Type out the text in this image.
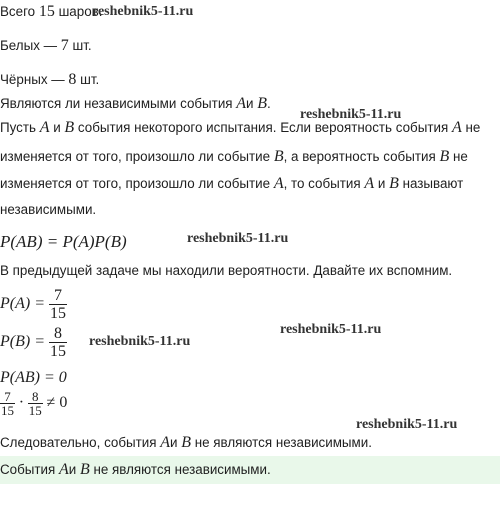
Всего 15 шаров.
Белых — 7 шт.
Чёрных — 8 шт.
Являются ли независимыми события Aи B.
Пусть A и B события некоторого испытания. Если вероятность события A не
изменяется от того, произошло ли событие B, а вероятность события B не
изменяется от того, произошло ли событие A, то события A и B называют
независимыми.
P(AB) = P(A)P(B)
В предыдущей задаче мы находили вероятности. Давайте их вспомним.
$P(A) = \frac{7}{15}$
$P(B) = \frac{8}{15}$
P(AB) = 0
$\frac{7}{15} \cdot \frac{8}{15} \ne 0$
Следовательно, события Aи B не являются независимыми.
События Aи B не являются независимыми.
reshebnik5-11.ru
reshebnik5-11.ru
reshebnik5-11.ru
reshebnik5-11.ru
reshebnik5-11.ru
reshebnik5-11.ru
